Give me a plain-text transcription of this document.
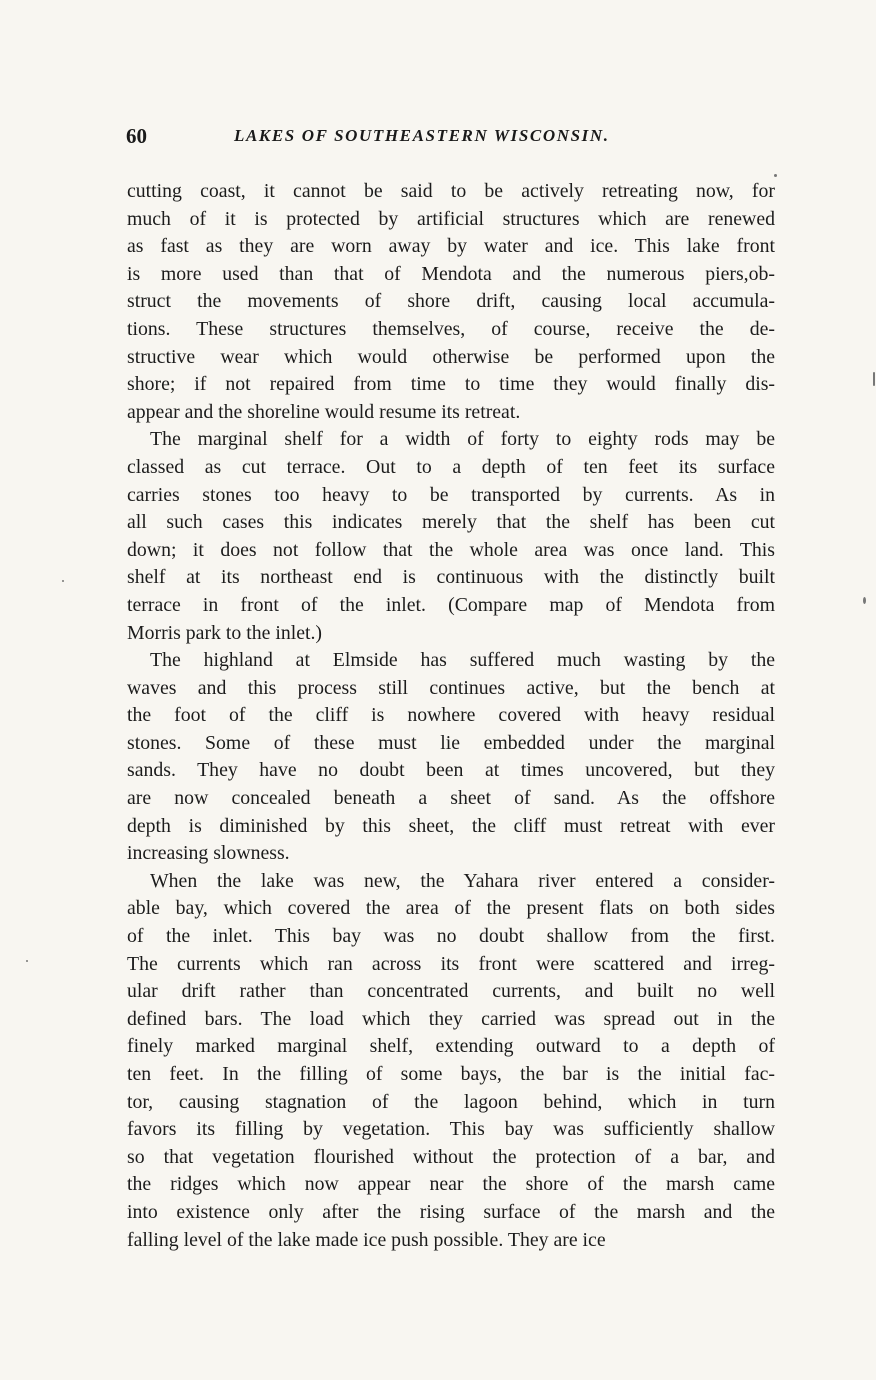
60	LAKES OF SOUTHEASTERN WISCONSIN.
cutting coast, it cannot be said to be actively retreating now, for
much of it is protected by artificial structures which are renewed
as fast as they are worn away by water and ice. This lake front
is more used than that of Mendota and the numerous piers,ob-
struct the movements of shore drift, causing local accumula-
tions. These structures themselves, of course, receive the de-
structive wear which would otherwise be performed upon the
shore; if not repaired from time to time they would finally dis-
appear and the shoreline would resume its retreat.
The marginal shelf for a width of forty to eighty rods may be
classed as cut terrace. Out to a depth of ten feet its surface
carries stones too heavy to be transported by currents. As in
all such cases this indicates merely that the shelf has been cut
down; it does not follow that the whole area was once land. This
shelf at its northeast end is continuous with the distinctly built
terrace in front of the inlet. (Compare map of Mendota from
Morris park to the inlet.)
The highland at Elmside has suffered much wasting by the
waves and this process still continues active, but the bench at
the foot of the cliff is nowhere covered with heavy residual
stones. Some of these must lie embedded under the marginal
sands. They have no doubt been at times uncovered, but they
are now concealed beneath a sheet of sand. As the offshore
depth is diminished by this sheet, the cliff must retreat with ever
increasing slowness.
When the lake was new, the Yahara river entered a consider-
able bay, which covered the area of the present flats on both sides
of the inlet. This bay was no doubt shallow from the first.
The currents which ran across its front were scattered and irreg-
ular drift rather than concentrated currents, and built no well
defined bars. The load which they carried was spread out in the
finely marked marginal shelf, extending outward to a depth of
ten feet. In the filling of some bays, the bar is the initial fac-
tor, causing stagnation of the lagoon behind, which in turn
favors its filling by vegetation. This bay was sufficiently shallow
so that vegetation flourished without the protection of a bar, and
the ridges which now appear near the shore of the marsh came
into existence only after the rising surface of the marsh and the
falling level of the lake made ice push possible. They are ice
